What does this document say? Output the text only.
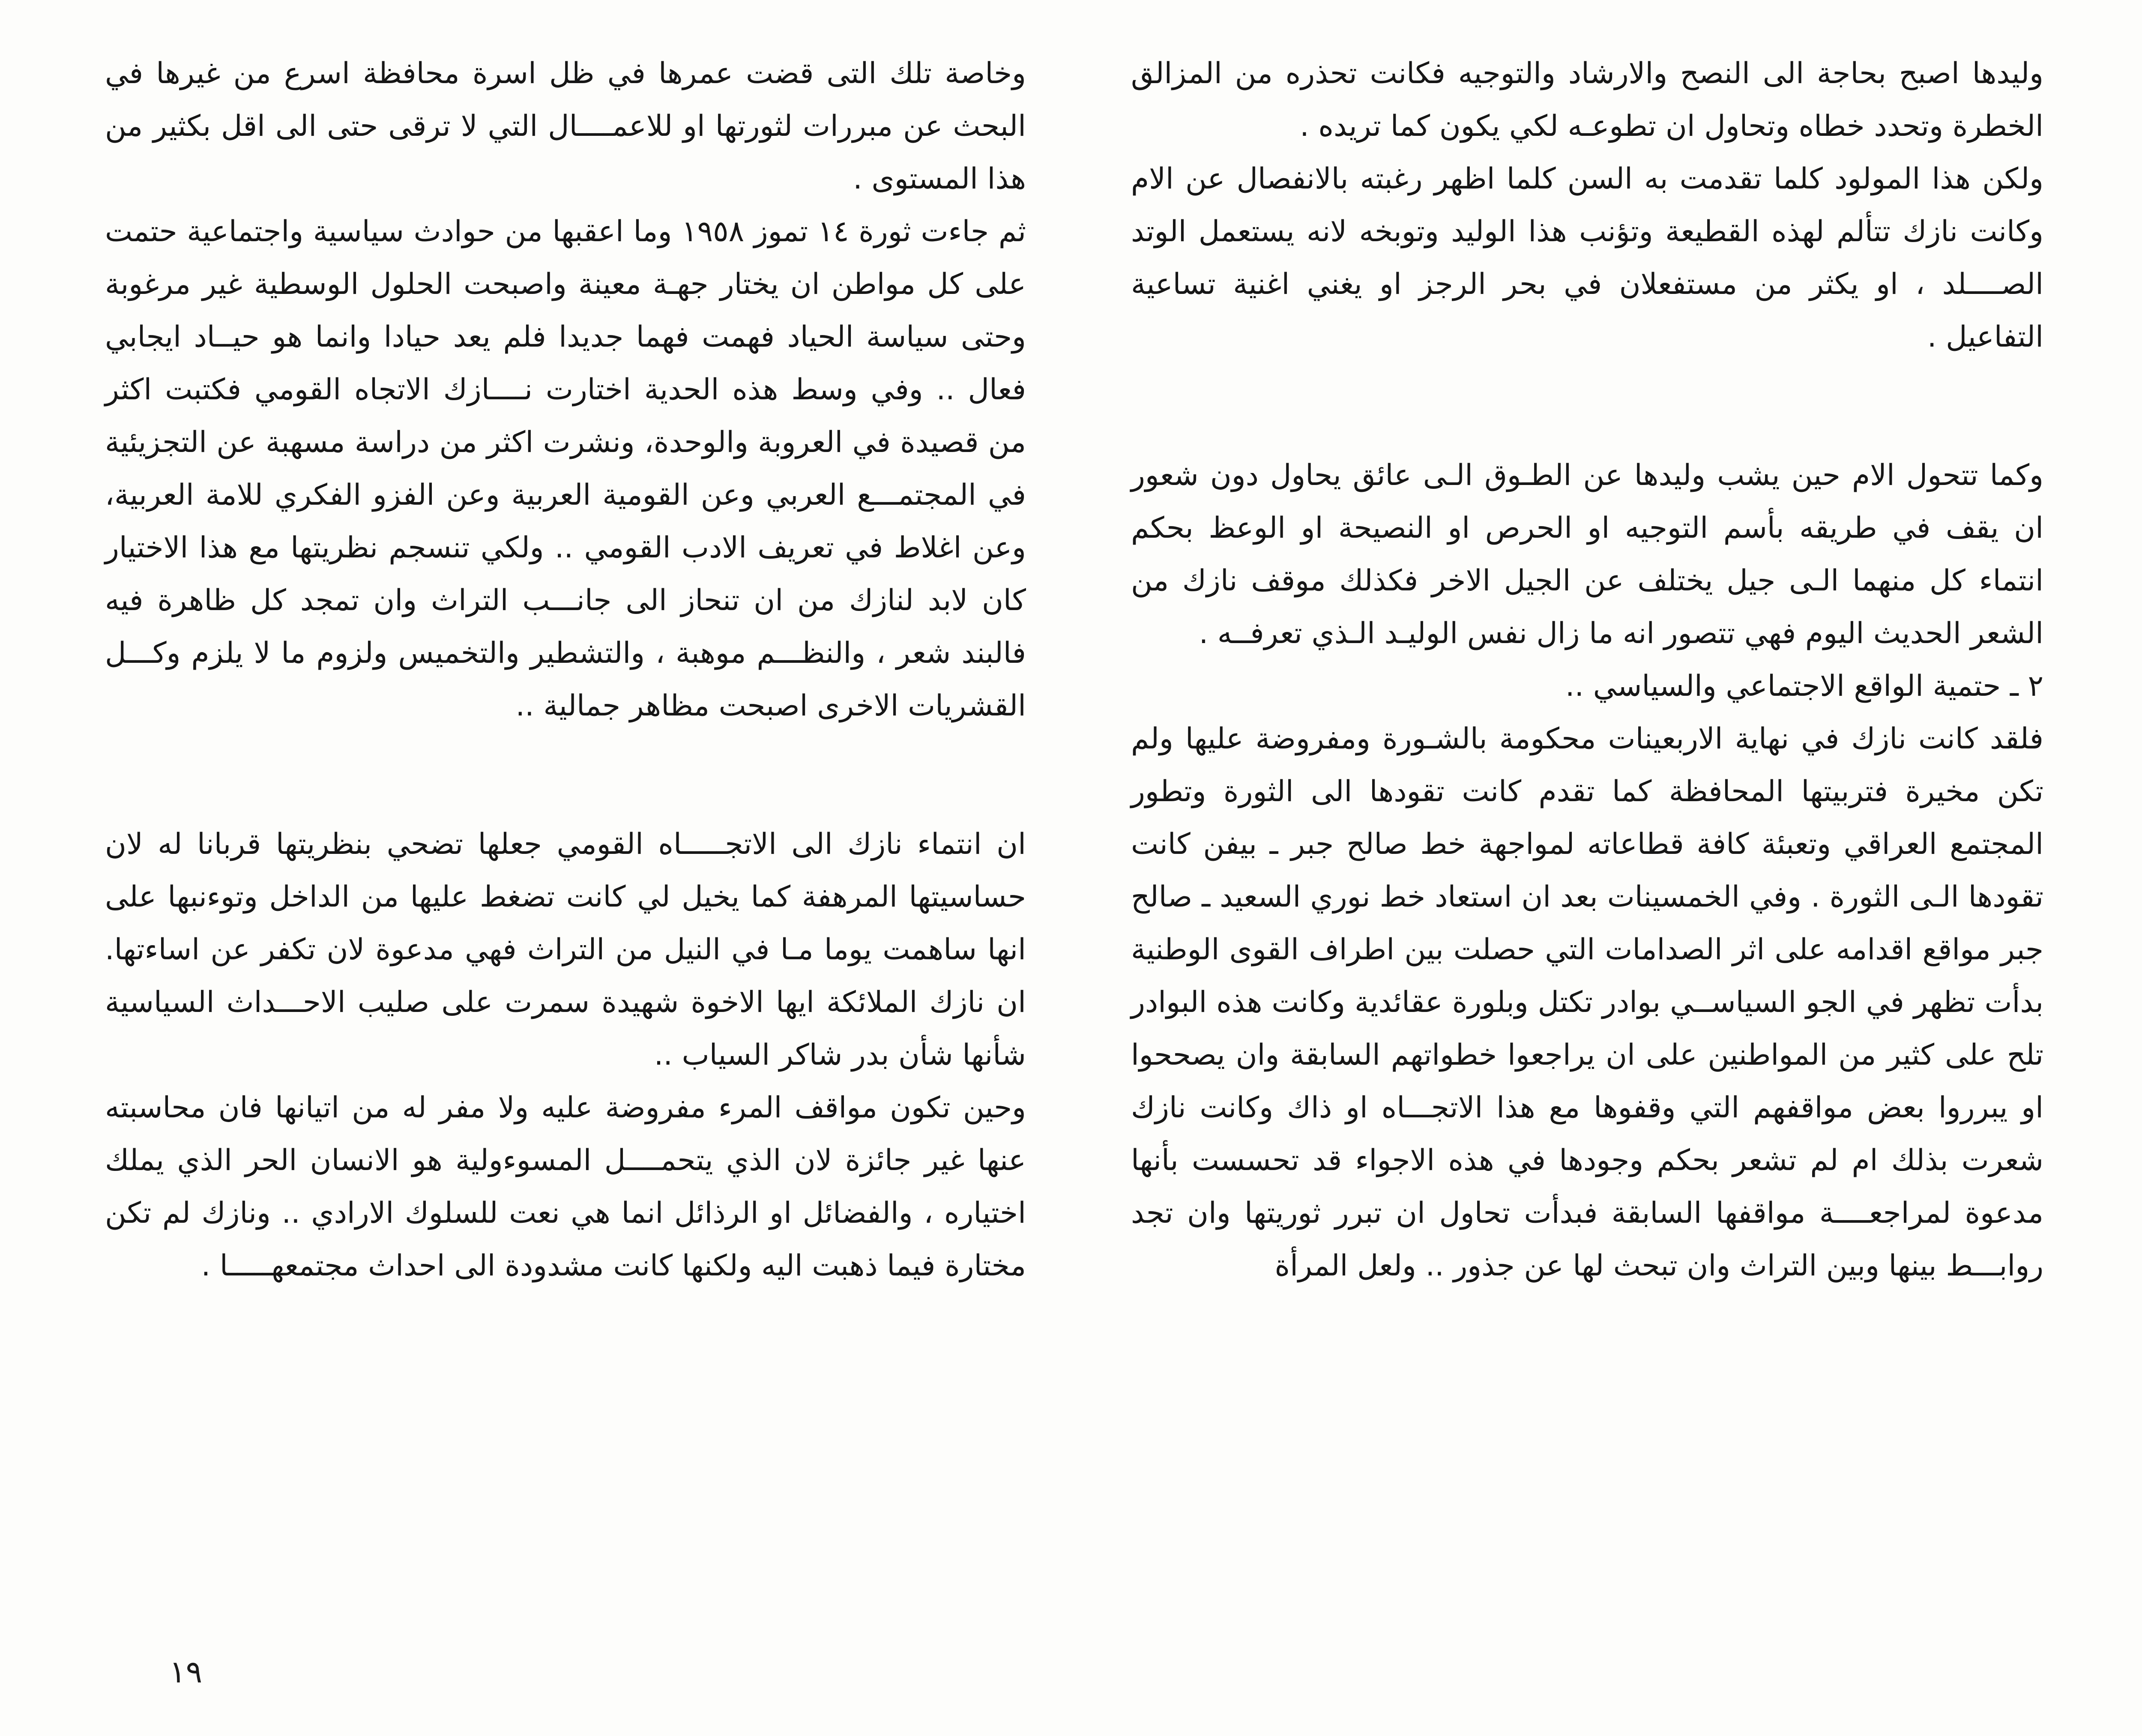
وليدها اصبح بحاجة الى النصح والارشاد والتوجيه فكانت تحذره من المزالق الخطرة وتحدد خطاه وتحاول ان تطوعـه لكي يكون كما تريده .

ولكن هذا المولود كلما تقدمت به السن كلما اظهر رغبته بالانفصال عن الام وكانت نازك تتألم لهذه القطيعة وتؤنب هذا الوليد وتوبخه لانه يستعمل الوتد الصــــلد ، او يكثر من مستفعلان في بحر الرجز او يغني اغنية تساعية التفاعيل .

وكما تتحول الام حين يشب وليدها عن الطـوق الـى عائق يحاول دون شعور ان يقف في طريقه بأسم التوجيه او الحرص او النصيحة او الوعظ بحكم انتماء كل منهما الـى جيل يختلف عن الجيل الاخر فكذلك موقف نازك من الشعر الحديث اليوم فهي تتصور انه ما زال نفس الوليـد الـذي تعرفــه .

٢ ـ حتمية الواقع الاجتماعي والسياسي ..

فلقد كانت نازك في نهاية الاربعينات محكومة بالشـورة ومفروضة عليها ولم تكن مخيرة فتربيتها المحافظة كما تقدم كانت تقودها الى الثورة وتطور المجتمع العراقي وتعبئة كافة قطاعاته لمواجهة خط صالح جبر ـ بيفن كانت تقودها الـى الثورة . وفي الخمسينات بعد ان استعاد خط نوري السعيد ـ صالح جبر مواقع اقدامه على اثر الصدامات التي حصلت بين اطراف القوى الوطنية بدأت تظهر في الجو السياســي بوادر تكتل وبلورة عقائدية وكانت هذه البوادر تلح على كثير من المواطنين على ان يراجعوا خطواتهم السابقة وان يصححوا او يبرروا بعض مواقفهم التي وقفوها مع هذا الاتجـــاه او ذاك وكانت نازك شعرت بذلك ام لم تشعر بحكم وجودها في هذه الاجواء قد تحسست بأنها مدعوة لمراجعــــة مواقفها السابقة فبدأت تحاول ان تبرر ثوريتها وان تجد روابـــط بينها وبين التراث وان تبحث لها عن جذور .. ولعل المرأة

وخاصة تلك التى قضت عمرها في ظل اسرة محافظة اسرع من غيرها في البحث عن مبررات لثورتها او للاعمــــال التي لا ترقى حتى الى اقل بكثير من هذا المستوى .

ثم جاءت ثورة ١٤ تموز ١٩٥٨ وما اعقبها من حوادث سياسية واجتماعية حتمت على كل مواطن ان يختار جهـة معينة واصبحت الحلول الوسطية غير مرغوبة وحتى سياسة الحياد فهمت فهما جديدا فلم يعد حيادا وانما هو حيــاد ايجابي فعال .. وفي وسط هذه الحدية اختارت نــــازك الاتجاه القومي فكتبت اكثر من قصيدة في العروبة والوحدة، ونشرت اكثر من دراسة مسهبة عن التجزيئية في المجتمـــع العربي وعن القومية العربية وعن الفزو الفكري للامة العربية، وعن اغلاط في تعريف الادب القومي .. ولكي تنسجم نظريتها مع هذا الاختيار كان لابد لنازك من ان تنحاز الى جانـــب التراث وان تمجد كل ظاهرة فيه فالبند شعر ، والنظـــم موهبة ، والتشطير والتخميس ولزوم ما لا يلزم وكـــل القشريات الاخرى اصبحت مظاهر جمالية ..

ان انتماء نازك الى الاتجـــــاه القومي جعلها تضحي بنظريتها قربانا له لان حساسيتها المرهفة كما يخيل لي كانت تضغط عليها من الداخل وتوءنبها على انها ساهمت يوما مـا في النيل من التراث فهي مدعوة لان تكفر عن اساءتها. ان نازك الملائكة ايها الاخوة شهيدة سمرت على صليب الاحـــداث السياسية شأنها شأن بدر شاكر السياب ..

وحين تكون مواقف المرء مفروضة عليه ولا مفر له من اتيانها فان محاسبته عنها غير جائزة لان الذي يتحمــــل المسوءولية هو الانسان الحر الذي يملك اختياره ، والفضائل او الرذائل انما هي نعت للسلوك الارادي .. ونازك لم تكن مختارة فيما ذهبت اليه ولكنها كانت مشدودة الى احداث مجتمعهـــــا .

١٩
